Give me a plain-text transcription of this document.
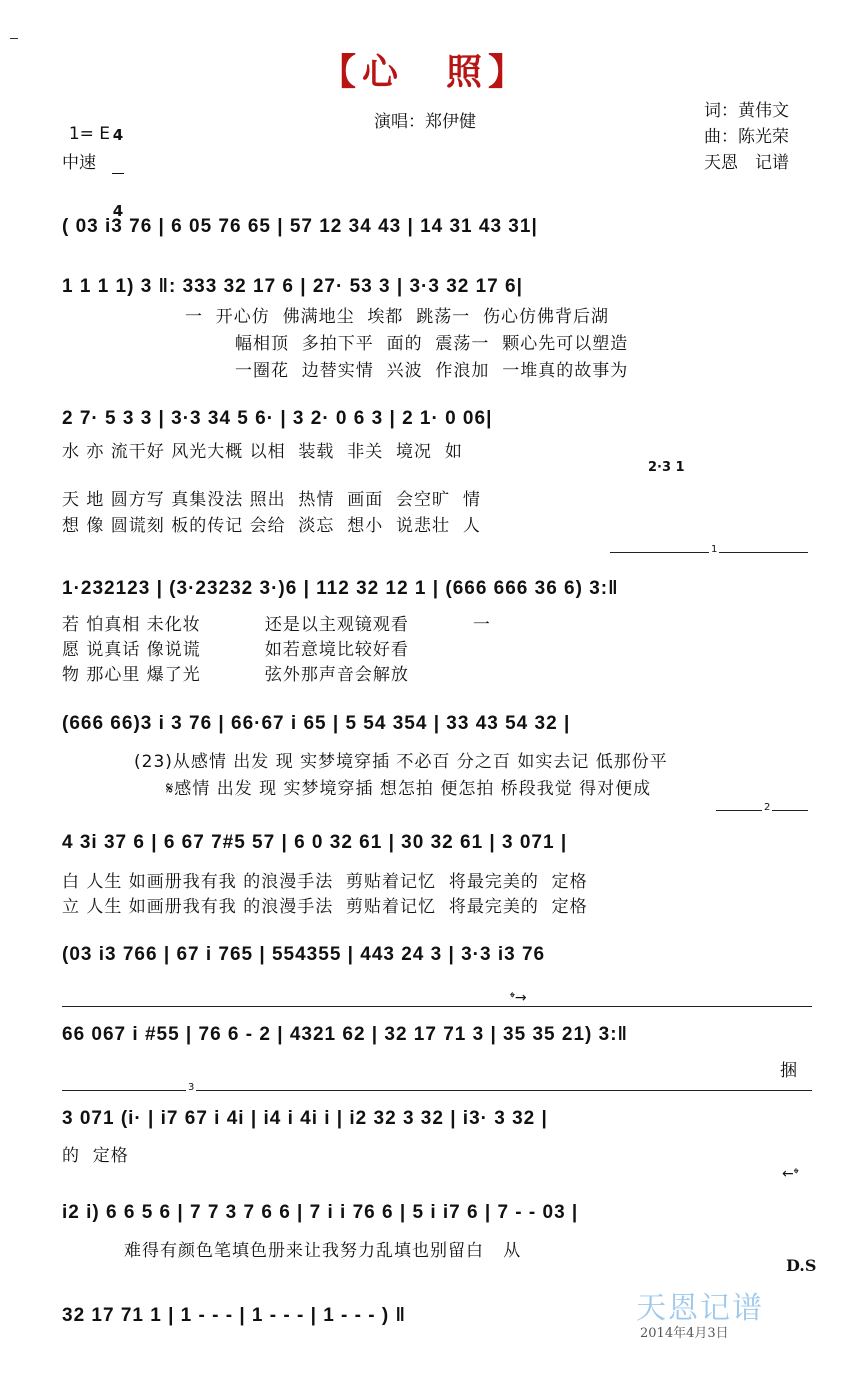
【心　照】

1= E

4

4

中速
演唱：郑伊健
词：黄伟文
曲：陈光荣
天恩　记谱
( 03 i3 76 | 6 05 76 65 | 57 12 34 43 | 14 31 43 31|
1 1 1 1) 3 ‖: 333 32 17 6 | 27· 53 3 | 3·3 32 17 6|
一  开心仿  佛满地尘  埃都  跳荡一  伤心仿佛背后湖
幅相顶  多拍下平  面的  震荡一  颗心先可以塑造
一圈花  边替实情  兴波  作浪加  一堆真的故事为
2 7· 5 3 3 | 3·3 34 5 6· | 3 2· 0 6 3 | 2 1· 0 06|
水 亦 流干好 风光大概 以相  装载  非关  境况  如
2·3 1
天 地 圆方写 真集没法 照出  热情  画面  会空旷  情
想 像 圆谎刻 板的传记 会给  淡忘  想小  说悲壮  人
1
1·232123 | (3·23232 3·)6 | 112 32 12 1 | (666 666 36 6) 3:‖
若 怕真相 未化妆          还是以主观镜观看          一
愿 说真话 像说谎          如若意境比较好看
物 那心里 爆了光          弦外那声音会解放
(666 66)3 i 3 76 | 66·67 i 65 | 5 54 354 | 33 43 54 32 |
(23)从感情 出发 现 实梦境穿插 不必百 分之百 如实去记 低那份平
𝄋感情 出发 现 实梦境穿插 想怎拍 便怎拍 桥段我觉 得对便成
2
4 3i 37 6 | 6 67 7#5 57 | 6 0 32 61 | 30 32 61 | 3 071 |
白 人生 如画册我有我 的浪漫手法  剪贴着记忆  将最完美的  定格
立 人生 如画册我有我 的浪漫手法  剪贴着记忆  将最完美的  定格
(03 i3 766 | 67 i 765 | 554355 | 443 24 3 | 3·3 i3 76
𝄌→
66 067 i #55 | 76 6 - 2 | 4321 62 | 32 17 71 3 | 35 35 21) 3:‖
捆
3
3 071 (i· | i7 67 i 4i | i4 i 4i i | i2 32 3 32 | i3· 3 32 |
的  定格
←𝄌
i2 i) 6 6 5 6 | 7 7 3 7 6 6 | 7 i i 76 6 | 5 i i7 6 | 7 - - 03 |
难得有颜色笔填色册来让我努力乱填也别留白   从
D.S
32 17 71 1 | 1 - - - | 1 - - - | 1 - - - ) ‖	天恩记谱
2014年4月3日
